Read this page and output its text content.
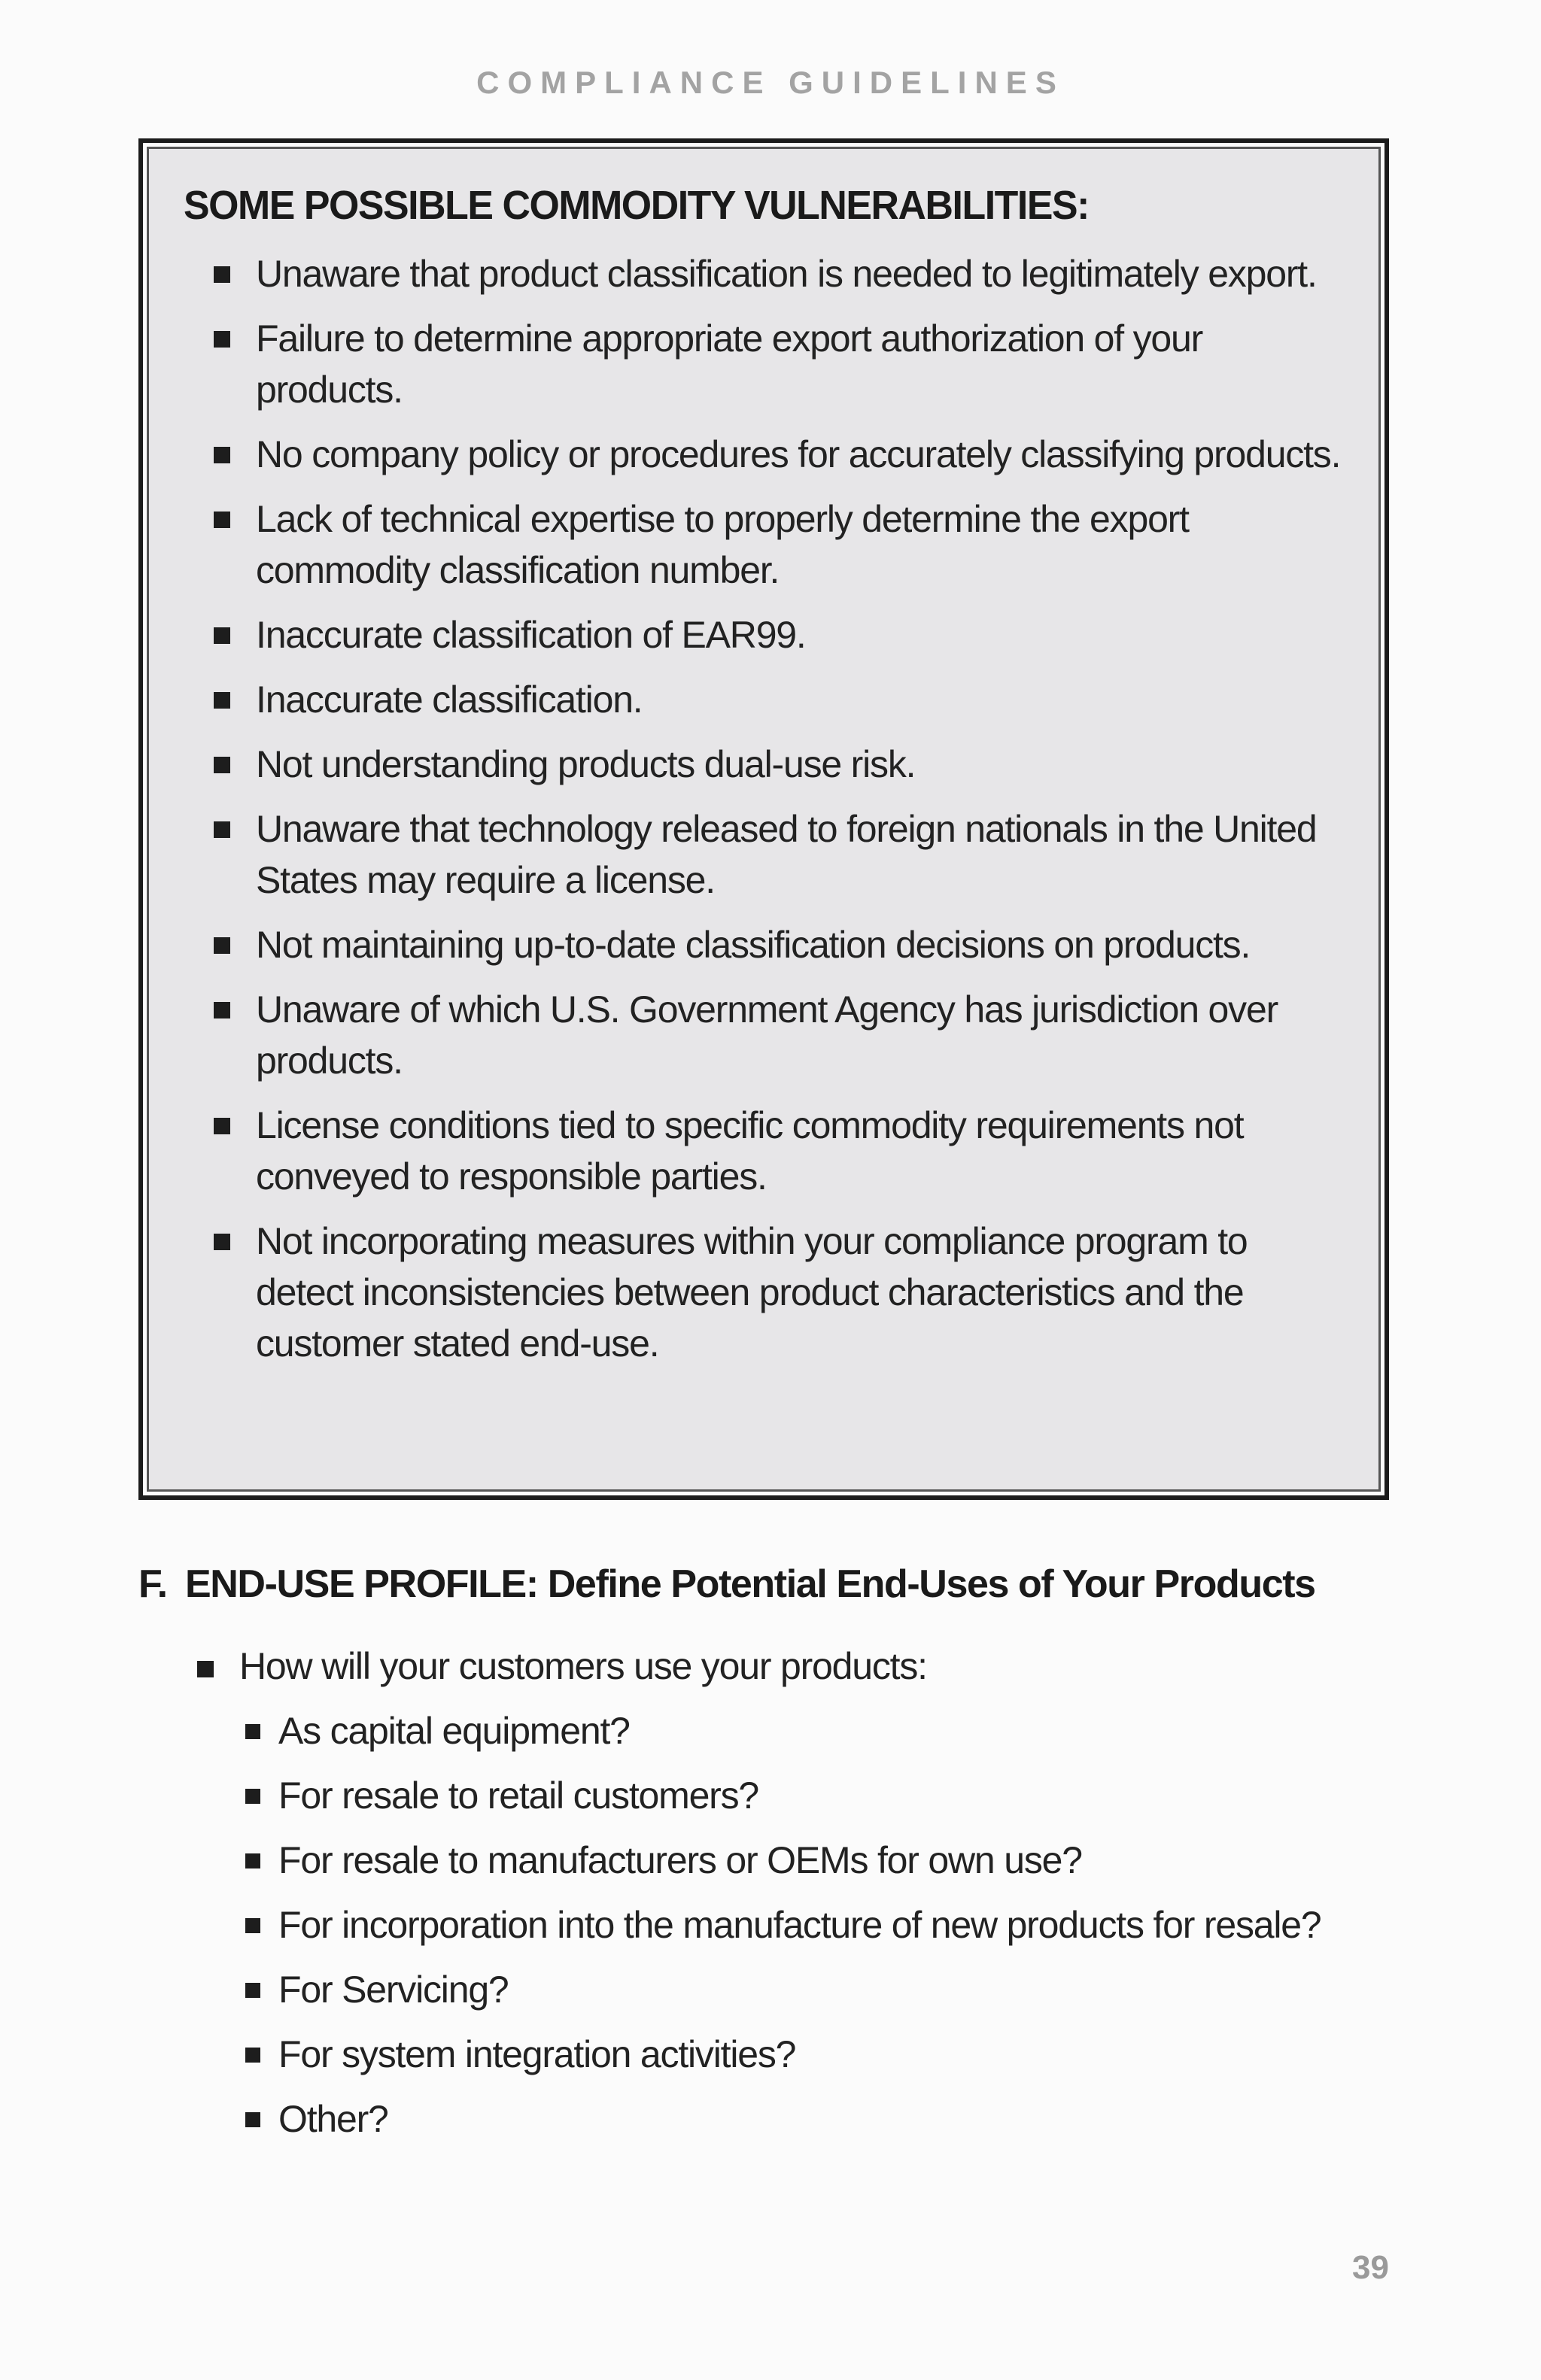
COMPLIANCE GUIDELINES
SOME POSSIBLE COMMODITY VULNERABILITIES:
Unaware that product classification is needed to legitimately export.
Failure to determine appropriate export authorization of your products.
No company policy or procedures for accurately classifying products.
Lack of technical expertise to properly determine the export commodity classification number.
Inaccurate classification of EAR99.
Inaccurate classification.
Not understanding products dual-use risk.
Unaware that technology released to foreign nationals in the United States may require a license.
Not maintaining up-to-date classification decisions on products.
Unaware of which U.S. Government Agency has jurisdiction over products.
License conditions tied to specific commodity requirements not conveyed to responsible parties.
Not incorporating measures within your compliance program to detect inconsistencies between product characteristics and the customer stated end-use.
F. END-USE PROFILE: Define Potential End-Uses of Your Products
How will your customers use your products:
As capital equipment?
For resale to retail customers?
For resale to manufacturers or OEMs for own use?
For incorporation into the manufacture of new products for resale?
For Servicing?
For system integration activities?
Other?
39
